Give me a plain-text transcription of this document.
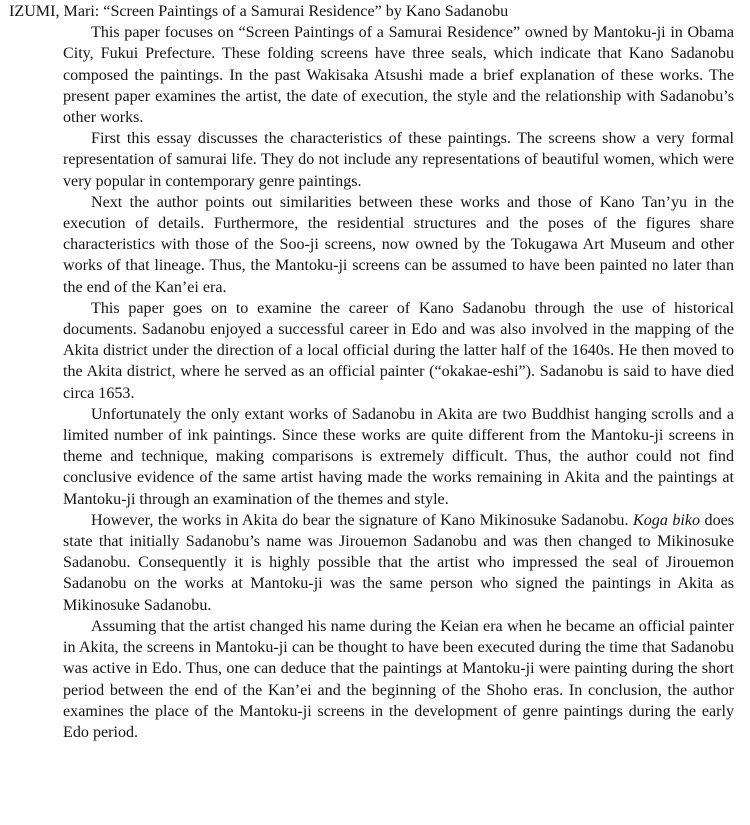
IZUMI, Mari: “Screen Paintings of a Samurai Residence” by Kano Sadanobu

This paper focuses on “Screen Paintings of a Samurai Residence” owned by Mantoku-ji in Obama City, Fukui Prefecture. These folding screens have three seals, which indicate that Kano Sadanobu composed the paintings. In the past Wakisaka Atsushi made a brief explanation of these works. The present paper examines the artist, the date of execution, the style and the relationship with Sadanobu’s other works.

First this essay discusses the characteristics of these paintings. The screens show a very formal representation of samurai life. They do not include any representations of beautiful women, which were very popular in contemporary genre paintings.

Next the author points out similarities between these works and those of Kano Tan’yu in the execution of details. Furthermore, the residential structures and the poses of the figures share characteristics with those of the Soo-ji screens, now owned by the Tokugawa Art Museum and other works of that lineage. Thus, the Mantoku-ji screens can be assumed to have been painted no later than the end of the Kan’ei era.

This paper goes on to examine the career of Kano Sadanobu through the use of historical documents. Sadanobu enjoyed a successful career in Edo and was also involved in the mapping of the Akita district under the direction of a local official during the latter half of the 1640s. He then moved to the Akita district, where he served as an official painter (“okakae-eshi”). Sadanobu is said to have died circa 1653.

Unfortunately the only extant works of Sadanobu in Akita are two Buddhist hanging scrolls and a limited number of ink paintings. Since these works are quite different from the Mantoku-ji screens in theme and technique, making comparisons is extremely difficult. Thus, the author could not find conclusive evidence of the same artist having made the works remaining in Akita and the paintings at Mantoku-ji through an examination of the themes and style.

However, the works in Akita do bear the signature of Kano Mikinosuke Sadanobu. Koga biko does state that initially Sadanobu’s name was Jirouemon Sadanobu and was then changed to Mikinosuke Sadanobu. Consequently it is highly possible that the artist who impressed the seal of Jirouemon Sadanobu on the works at Mantoku-ji was the same person who signed the paintings in Akita as Mikinosuke Sadanobu.

Assuming that the artist changed his name during the Keian era when he became an official painter in Akita, the screens in Mantoku-ji can be thought to have been executed during the time that Sadanobu was active in Edo. Thus, one can deduce that the paintings at Mantoku-ji were painting during the short period between the end of the Kan’ei and the beginning of the Shoho eras. In conclusion, the author examines the place of the Mantoku-ji screens in the development of genre paintings during the early Edo period.
